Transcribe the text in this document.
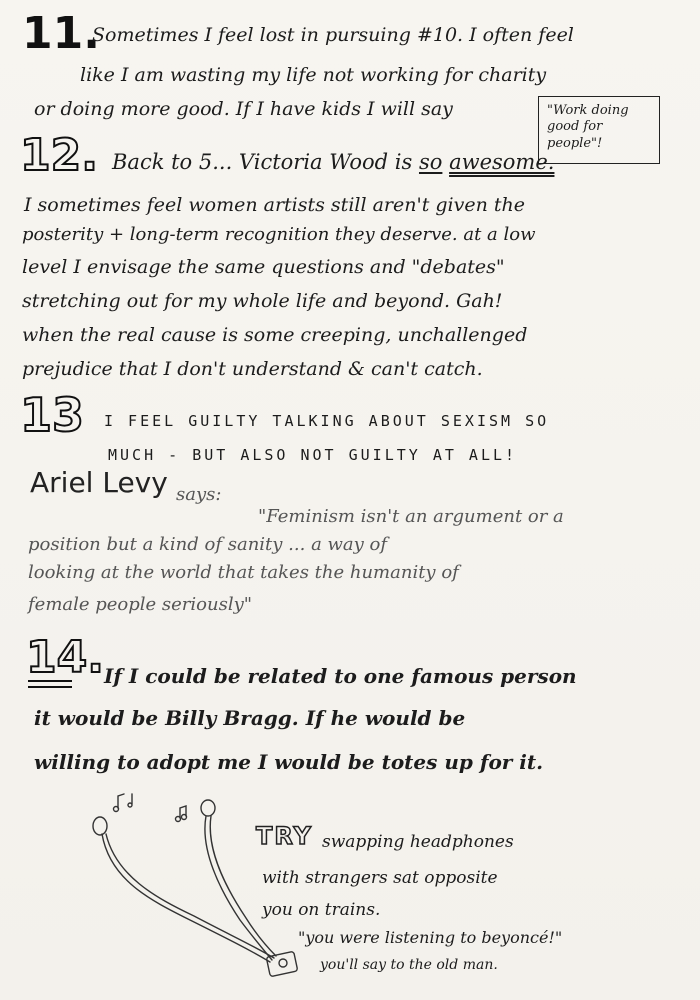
11.
Sometimes I feel lost in pursuing #10. I often feel
like I am wasting my life not working for charity
or doing more good. If I have kids I will say	"Work doing good for people"!
12. Back to 5... Victoria Wood is so awesome.
I sometimes feel women artists still aren't given the
posterity + long-term recognition they deserve. at a low
level I envisage the same questions and "debates"
stretching out for my whole life and beyond. Gah!
when the real cause is some creeping, unchallenged
prejudice that I don't understand & can't catch.
13 I FEEL GUILTY TALKING ABOUT SEXISM SO
MUCH - BUT ALSO NOT GUILTY AT ALL!
Ariel Levy says:
"Feminism isn't an argument or a
position but a kind of sanity ... a way of
looking at the world that takes the humanity of
female people seriously"
14. If I could be related to one famous person
it would be Billy Bragg. If he would be
willing to adopt me I would be totes up for it.
TRY swapping headphones
with strangers sat opposite
you on trains.
"you were listening to beyoncé!"
you'll say to the old man.
